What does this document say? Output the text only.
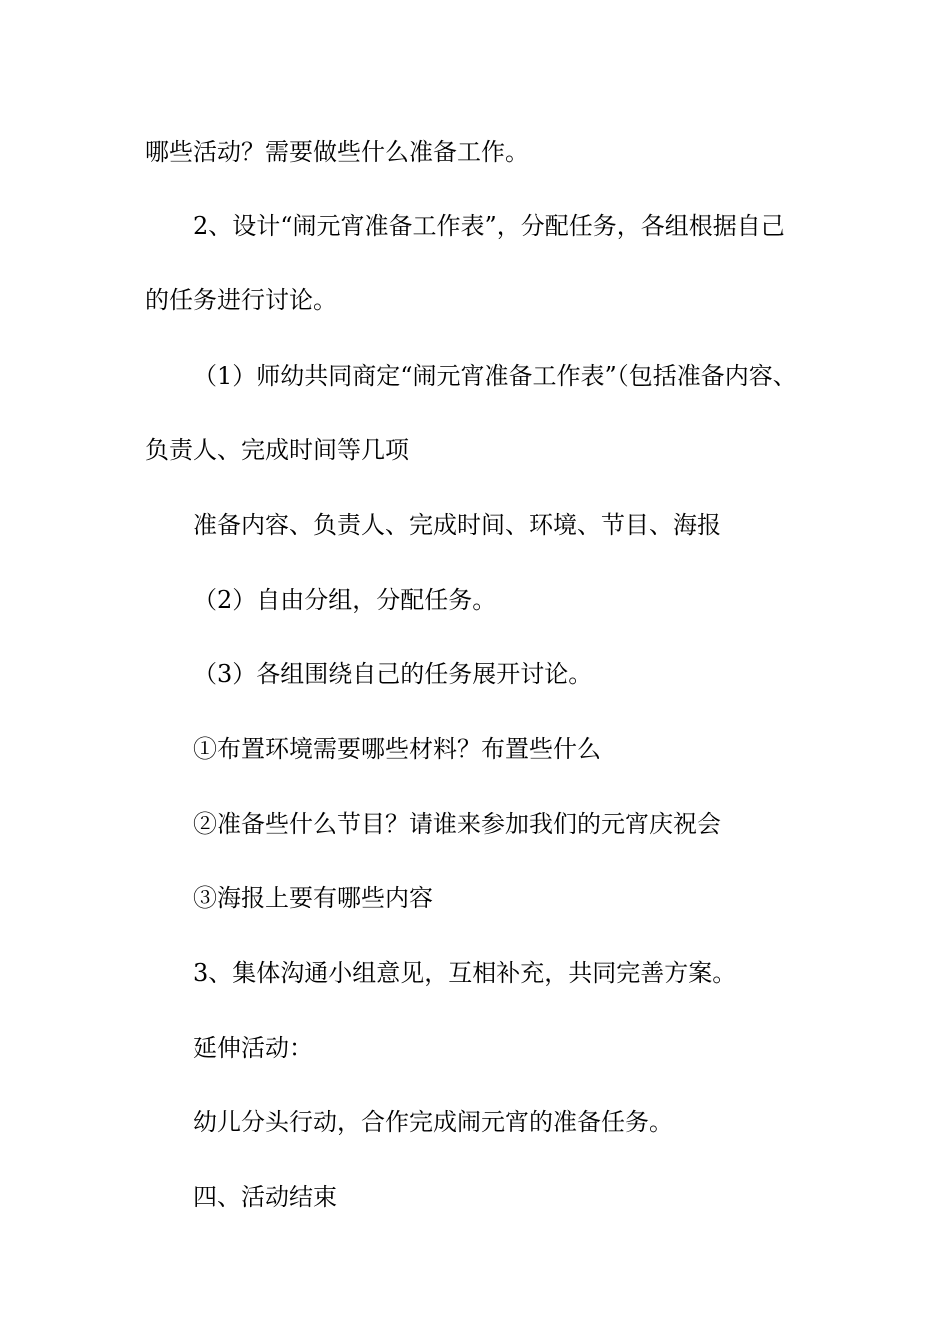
哪些活动？需要做些什么准备工作。

2、设计“闹元宵准备工作表”，分配任务，各组根据自己

的任务进行讨论。

（1）师幼共同商定“闹元宵准备工作表”（包括准备内容、

负责人、完成时间等几项

准备内容、负责人、完成时间、环境、节目、海报

（2）自由分组，分配任务。

（3）各组围绕自己的任务展开讨论。

①布置环境需要哪些材料？布置些什么

②准备些什么节目？请谁来参加我们的元宵庆祝会

③海报上要有哪些内容

3、集体沟通小组意见，互相补充，共同完善方案。

延伸活动：

幼儿分头行动，合作完成闹元宵的准备任务。

四、活动结束
